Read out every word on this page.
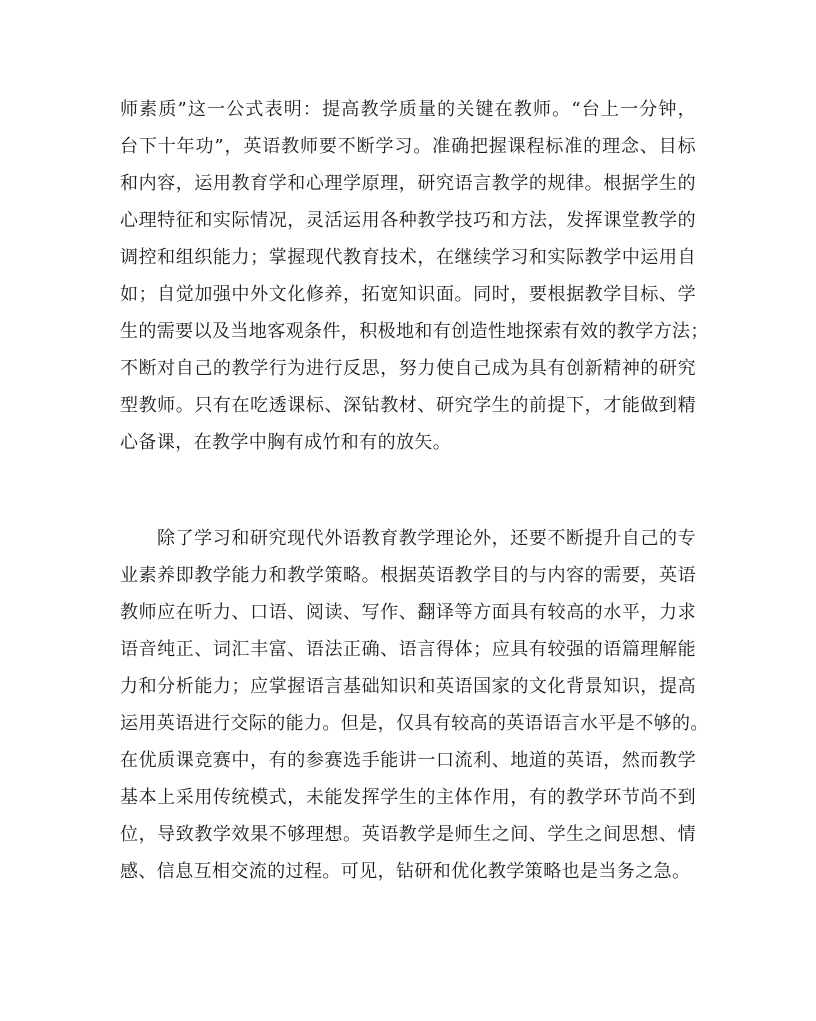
师素质”这一公式表明：提高教学质量的关键在教师。“台上一分钟，
台下十年功”，英语教师要不断学习。准确把握课程标准的理念、目标
和内容，运用教育学和心理学原理，研究语言教学的规律。根据学生的
心理特征和实际情况，灵活运用各种教学技巧和方法，发挥课堂教学的
调控和组织能力；掌握现代教育技术，在继续学习和实际教学中运用自
如；自觉加强中外文化修养，拓宽知识面。同时，要根据教学目标、学
生的需要以及当地客观条件，积极地和有创造性地探索有效的教学方法；
不断对自己的教学行为进行反思，努力使自己成为具有创新精神的研究
型教师。只有在吃透课标、深钻教材、研究学生的前提下，才能做到精
心备课，在教学中胸有成竹和有的放矢。
除了学习和研究现代外语教育教学理论外，还要不断提升自己的专
业素养即教学能力和教学策略。根据英语教学目的与内容的需要，英语
教师应在听力、口语、阅读、写作、翻译等方面具有较高的水平，力求
语音纯正、词汇丰富、语法正确、语言得体；应具有较强的语篇理解能
力和分析能力；应掌握语言基础知识和英语国家的文化背景知识，提高
运用英语进行交际的能力。但是，仅具有较高的英语语言水平是不够的。
在优质课竞赛中，有的参赛选手能讲一口流利、地道的英语，然而教学
基本上采用传统模式，未能发挥学生的主体作用，有的教学环节尚不到
位，导致教学效果不够理想。英语教学是师生之间、学生之间思想、情
感、信息互相交流的过程。可见，钻研和优化教学策略也是当务之急。
